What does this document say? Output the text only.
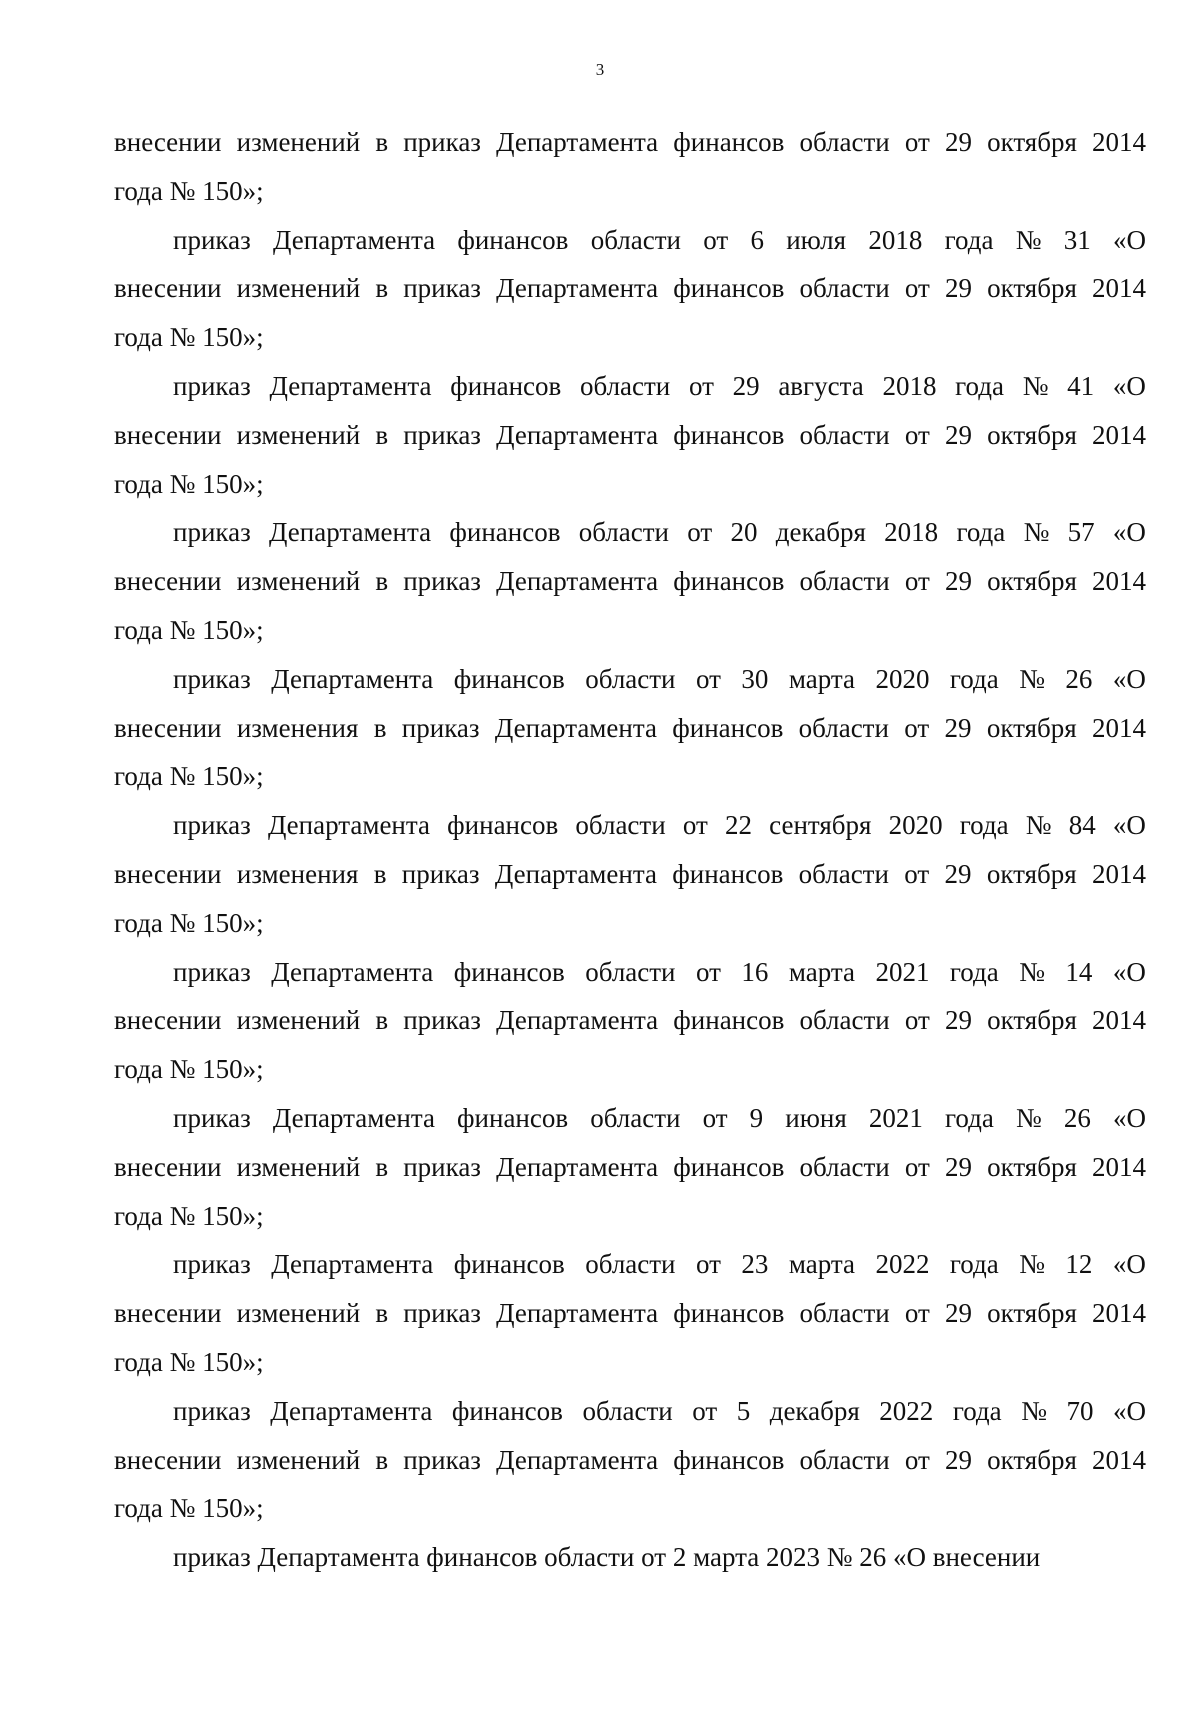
3
внесении изменений в приказ Департамента финансов области от 29 октября 2014
года № 150»;
приказ Департамента финансов области от 6 июля 2018 года № 31 «О
внесении изменений в приказ Департамента финансов области от 29 октября 2014
года № 150»;
приказ Департамента финансов области от 29 августа 2018 года № 41 «О
внесении изменений в приказ Департамента финансов области от 29 октября 2014
года № 150»;
приказ Департамента финансов области от 20 декабря 2018 года № 57 «О
внесении изменений в приказ Департамента финансов области от 29 октября 2014
года № 150»;
приказ Департамента финансов области от 30 марта 2020 года № 26 «О
внесении изменения в приказ Департамента финансов области от 29 октября 2014
года № 150»;
приказ Департамента финансов области от 22 сентября 2020 года № 84 «О
внесении изменения в приказ Департамента финансов области от 29 октября 2014
года № 150»;
приказ Департамента финансов области от 16 марта 2021 года № 14 «О
внесении изменений в приказ Департамента финансов области от 29 октября 2014
года № 150»;
приказ Департамента финансов области от 9 июня 2021 года № 26 «О
внесении изменений в приказ Департамента финансов области от 29 октября 2014
года № 150»;
приказ Департамента финансов области от 23 марта 2022 года № 12 «О
внесении изменений в приказ Департамента финансов области от 29 октября 2014
года № 150»;
приказ Департамента финансов области от 5 декабря 2022 года № 70 «О
внесении изменений в приказ Департамента финансов области от 29 октября 2014
года № 150»;
приказ Департамента финансов области от 2 марта 2023 № 26 «О внесении
